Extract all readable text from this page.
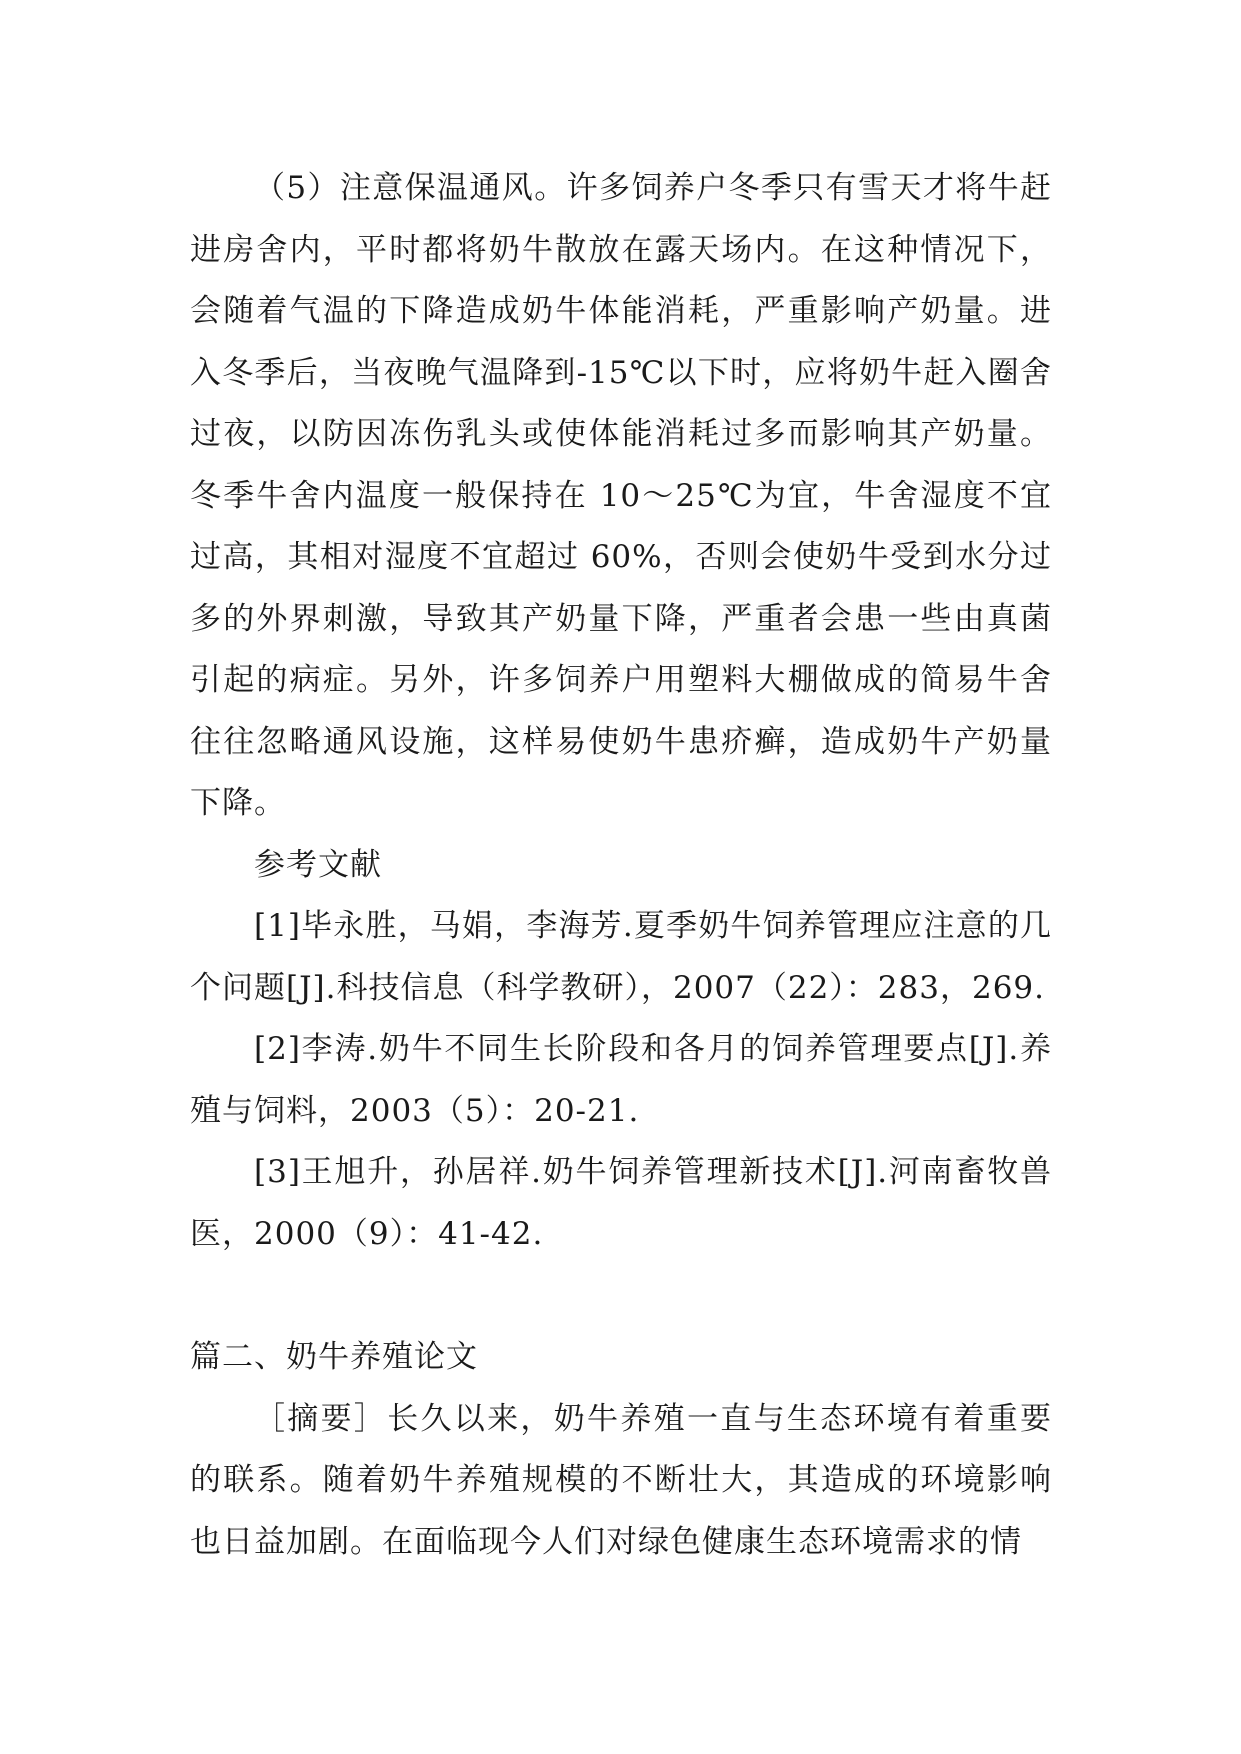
（5）注意保温通风。许多饲养户冬季只有雪天才将牛赶进房舍内，平时都将奶牛散放在露天场内。在这种情况下，会随着气温的下降造成奶牛体能消耗，严重影响产奶量。进入冬季后，当夜晚气温降到-15℃以下时，应将奶牛赶入圈舍过夜，以防因冻伤乳头或使体能消耗过多而影响其产奶量。冬季牛舍内温度一般保持在 10～25℃为宜，牛舍湿度不宜过高，其相对湿度不宜超过 60%，否则会使奶牛受到水分过多的外界刺激，导致其产奶量下降，严重者会患一些由真菌引起的病症。另外，许多饲养户用塑料大棚做成的简易牛舍往往忽略通风设施，这样易使奶牛患疥癣，造成奶牛产奶量下降。

参考文献

[1]毕永胜，马娟，李海芳.夏季奶牛饲养管理应注意的几个问题[J].科技信息（科学教研），2007（22）：283，269.

[2]李涛.奶牛不同生长阶段和各月的饲养管理要点[J].养殖与饲料，2003（5）：20-21.

[3]王旭升，孙居祥.奶牛饲养管理新技术[J].河南畜牧兽医，2000（9）：41-42.

篇二、奶牛养殖论文

［摘要］长久以来，奶牛养殖一直与生态环境有着重要的联系。随着奶牛养殖规模的不断壮大，其造成的环境影响也日益加剧。在面临现今人们对绿色健康生态环境需求的情
